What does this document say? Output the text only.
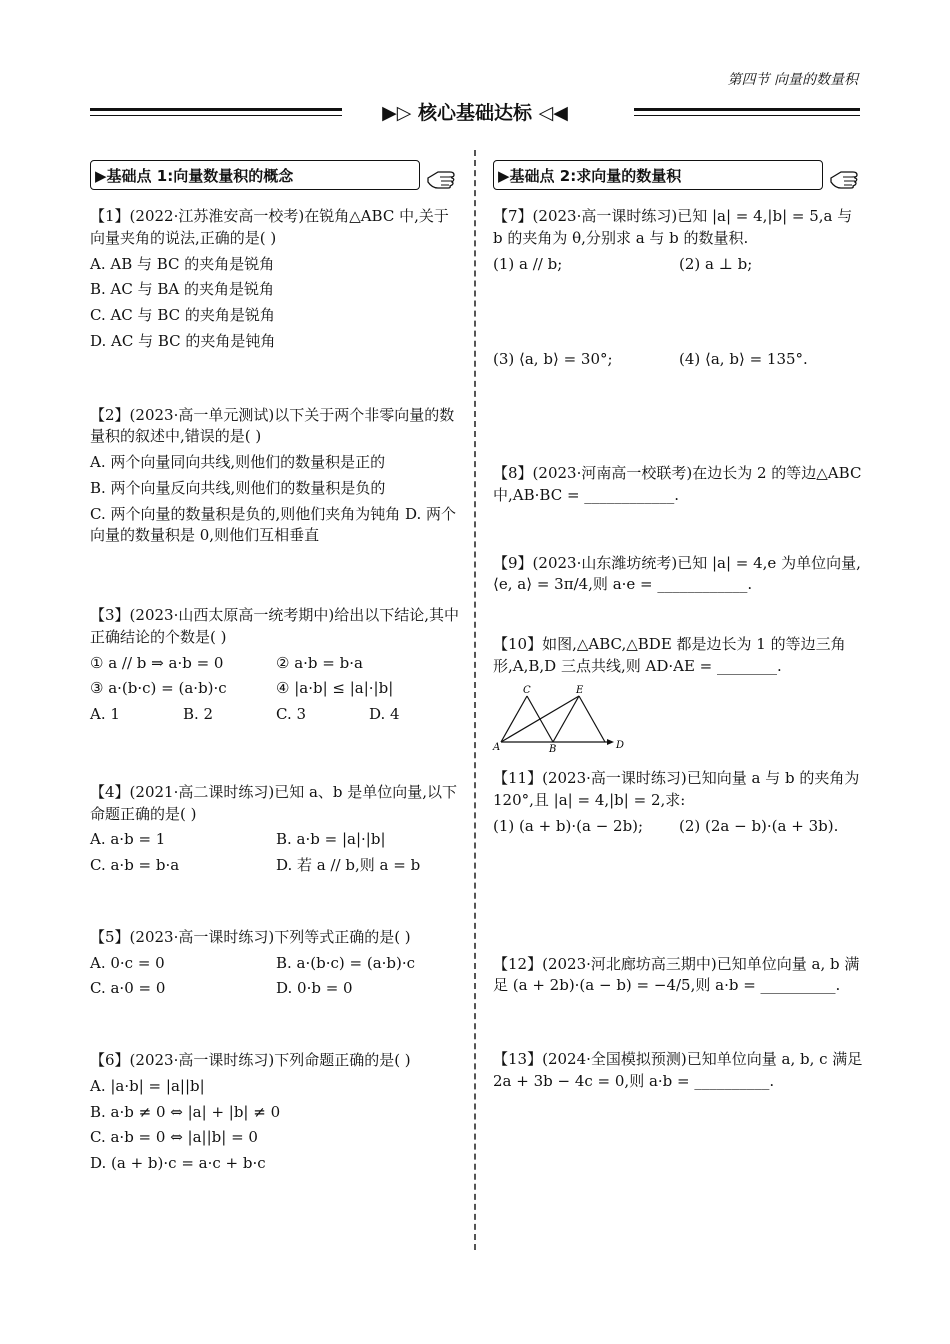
第四节 向量的数量积
▶▷ 核心基础达标 ◁◀
▶基础点 1:向量数量积的概念

【1】(2022·江苏淮安高一校考)在锐角△ABC 中,关于向量夹角的说法,正确的是( )

A. AB 与 BC 的夹角是锐角

B. AC 与 BA 的夹角是锐角

C. AC 与 BC 的夹角是锐角

D. AC 与 BC 的夹角是钝角

【2】(2023·高一单元测试)以下关于两个非零向量的数量积的叙述中,错误的是( )

A. 两个向量同向共线,则他们的数量积是正的

B. 两个向量反向共线,则他们的数量积是负的

C. 两个向量的数量积是负的,则他们夹角为钝角 D. 两个向量的数量积是 0,则他们互相垂直

【3】(2023·山西太原高一统考期中)给出以下结论,其中正确结论的个数是( )

① a // b ⇒ a·b = 0	② a·b = b·a

③ a·(b·c) = (a·b)·c	④ |a·b| ≤ |a|·|b|

A. 1	B. 2	C. 3	D. 4

【4】(2021·高二课时练习)已知 a、b 是单位向量,以下命题正确的是( )

A. a·b = 1	B. a·b = |a|·|b|

C. a·b = b·a	D. 若 a // b,则 a = b

【5】(2023·高一课时练习)下列等式正确的是( )

A. 0·c = 0	B. a·(b·c) = (a·b)·c

C. a·0 = 0	D. 0·b = 0

【6】(2023·高一课时练习)下列命题正确的是( )

A. |a·b| = |a||b|

B. a·b ≠ 0 ⇔ |a| + |b| ≠ 0

C. a·b = 0 ⇔ |a||b| = 0

D. (a + b)·c = a·c + b·c

▶基础点 2:求向量的数量积

【7】(2023·高一课时练习)已知 |a| = 4,|b| = 5,a 与 b 的夹角为 θ,分别求 a 与 b 的数量积.

(1) a // b;	(2) a ⊥ b;

(3) ⟨a, b⟩ = 30°;	(4) ⟨a, b⟩ = 135°.

【8】(2023·河南高一校联考)在边长为 2 的等边△ABC 中,AB·BC = ____________.

【9】(2023·山东潍坊统考)已知 |a| = 4,e 为单位向量,⟨e, a⟩ = 3π/4,则 a·e = ____________.

【10】如图,△ABC,△BDE 都是边长为 1 的等边三角形,A,B,D 三点共线,则 AD·AE = ________.

A	B
C
D
E

【11】(2023·高一课时练习)已知向量 a 与 b 的夹角为 120°,且 |a| = 4,|b| = 2,求:

(1) (a + b)·(a − 2b);	(2) (2a − b)·(a + 3b).

【12】(2023·河北廊坊高三期中)已知单位向量 a, b 满足 (a + 2b)·(a − b) = −4/5,则 a·b = __________.

【13】(2024·全国模拟预测)已知单位向量 a, b, c 满足 2a + 3b − 4c = 0,则 a·b = __________.
